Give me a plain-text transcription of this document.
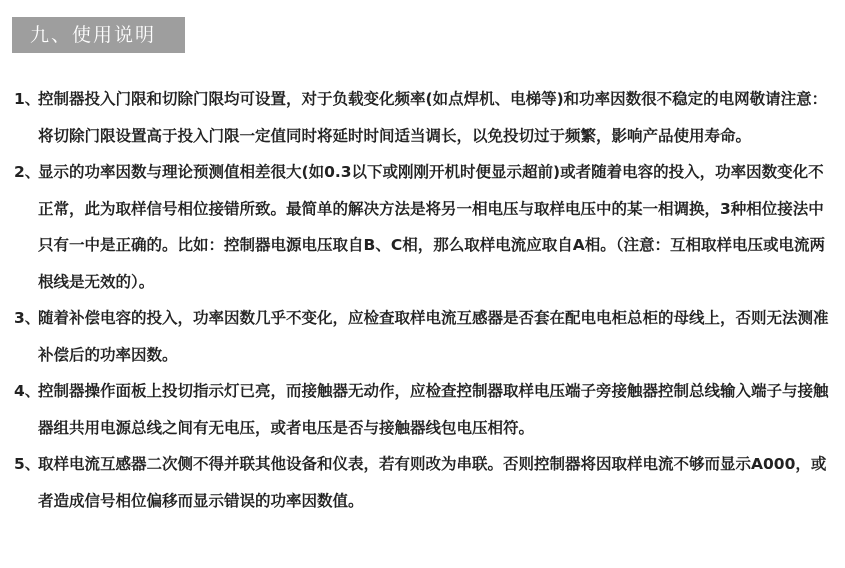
九、使用说明
1、
控制器投入门限和切除门限均可设置，对于负载变化频率(如点焊机、电梯等)和功率因数很不稳定的电网敬请注意：将切除门限设置高于投入门限一定值同时将延时时间适当调长，以免投切过于频繁，影响产品使用寿命。
2、
显示的功率因数与理论预测值相差很大(如0.3以下或刚刚开机时便显示超前)或者随着电容的投入，功率因数变化不正常，此为取样信号相位接错所致。最简单的解决方法是将另一相电压与取样电压中的某一相调换，3种相位接法中只有一中是正确的。比如：控制器电源电压取自B、C相，那么取样电流应取自A相。（注意：互相取样电压或电流两根线是无效的）。
3、
随着补偿电容的投入，功率因数几乎不变化，应检查取样电流互感器是否套在配电电柜总柜的母线上，否则无法测准补偿后的功率因数。
4、
控制器操作面板上投切指示灯已亮，而接触器无动作，应检查控制器取样电压端子旁接触器控制总线输入端子与接触器组共用电源总线之间有无电压，或者电压是否与接触器线包电压相符。
5、
取样电流互感器二次侧不得并联其他设备和仪表，若有则改为串联。否则控制器将因取样电流不够而显示A000，或者造成信号相位偏移而显示错误的功率因数值。
